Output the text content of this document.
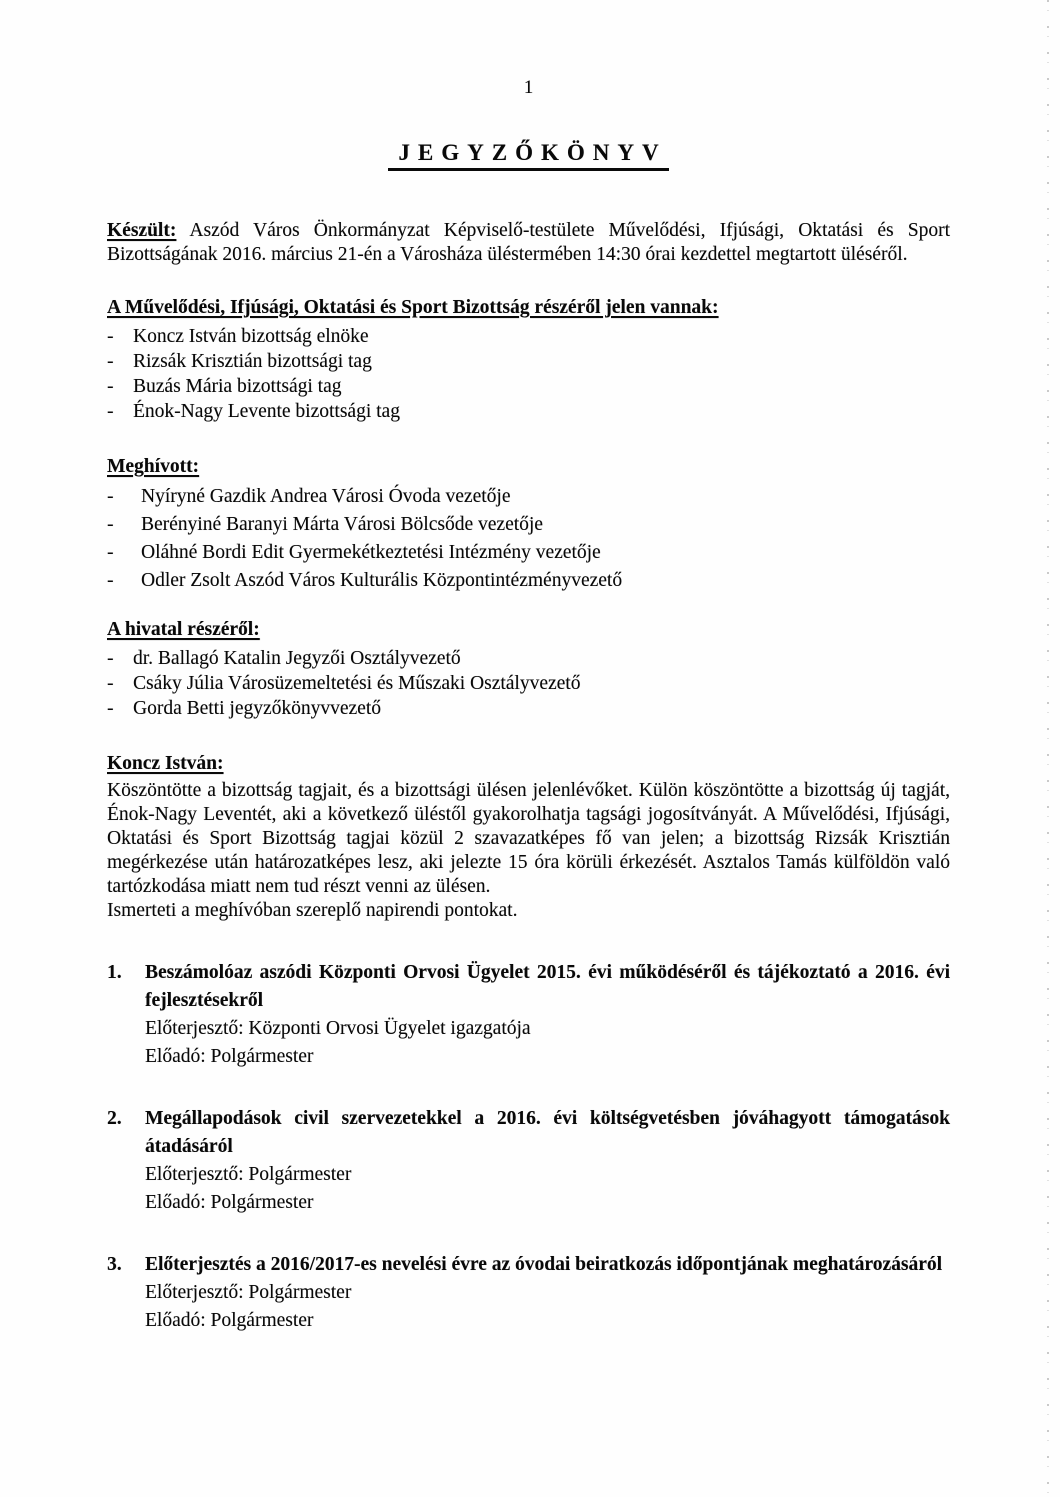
1
JEGYZŐKÖNYV

Készült: Aszód Város Önkormányzat Képviselő-testülete Művelődési, Ifjúsági, Oktatási és Sport Bizottságának 2016. március 21-én a Városháza üléstermében 14:30 órai kezdettel megtartott üléséről.

A Művelődési, Ifjúsági, Oktatási és Sport Bizottság részéről jelen vannak:
-	Koncz István bizottság elnöke
-	Rizsák Krisztián bizottsági tag
-	Buzás Mária bizottsági tag
-	Énok-Nagy Levente bizottsági tag
Meghívott:
-	Nyíryné Gazdik Andrea Városi Óvoda vezetője
-	Berényiné Baranyi Márta Városi Bölcsőde vezetője
-	Oláhné Bordi Edit Gyermekétkeztetési Intézmény vezetője
-	Odler Zsolt Aszód Város Kulturális Központintézményvezető
A hivatal részéről:
-	dr. Ballagó Katalin Jegyzői Osztályvezető
-	Csáky Júlia Városüzemeltetési és Műszaki Osztályvezető
-	Gorda Betti jegyzőkönyvvezető
Koncz István:

Köszöntötte a bizottság tagjait, és a bizottsági ülésen jelenlévőket. Külön köszöntötte a bizottság új tagját, Énok-Nagy Leventét, aki a következő üléstől gyakorolhatja tagsági jogosítványát. A Művelődési, Ifjúsági, Oktatási és Sport Bizottság tagjai közül 2 szavazatképes fő van jelen; a bizottság Rizsák Krisztián megérkezése után határozatképes lesz, aki jelezte 15 óra körüli érkezését. Asztalos Tamás külföldön való tartózkodása miatt nem tud részt venni az ülésen.

Ismerteti a meghívóban szereplő napirendi pontokat.

1.	Beszámolóaz aszódi Központi Orvosi Ügyelet 2015. évi működéséről és tájékoztató a 2016. évi fejlesztésekről
Előterjesztő: Központi Orvosi Ügyelet igazgatója
Előadó: Polgármester
2.	Megállapodások civil szervezetekkel a 2016. évi költségvetésben jóváhagyott támogatások átadásáról
Előterjesztő: Polgármester
Előadó: Polgármester
3.	Előterjesztés a 2016/2017-es nevelési évre az óvodai beiratkozás időpontjának meghatározásáról
Előterjesztő: Polgármester
Előadó: Polgármester
